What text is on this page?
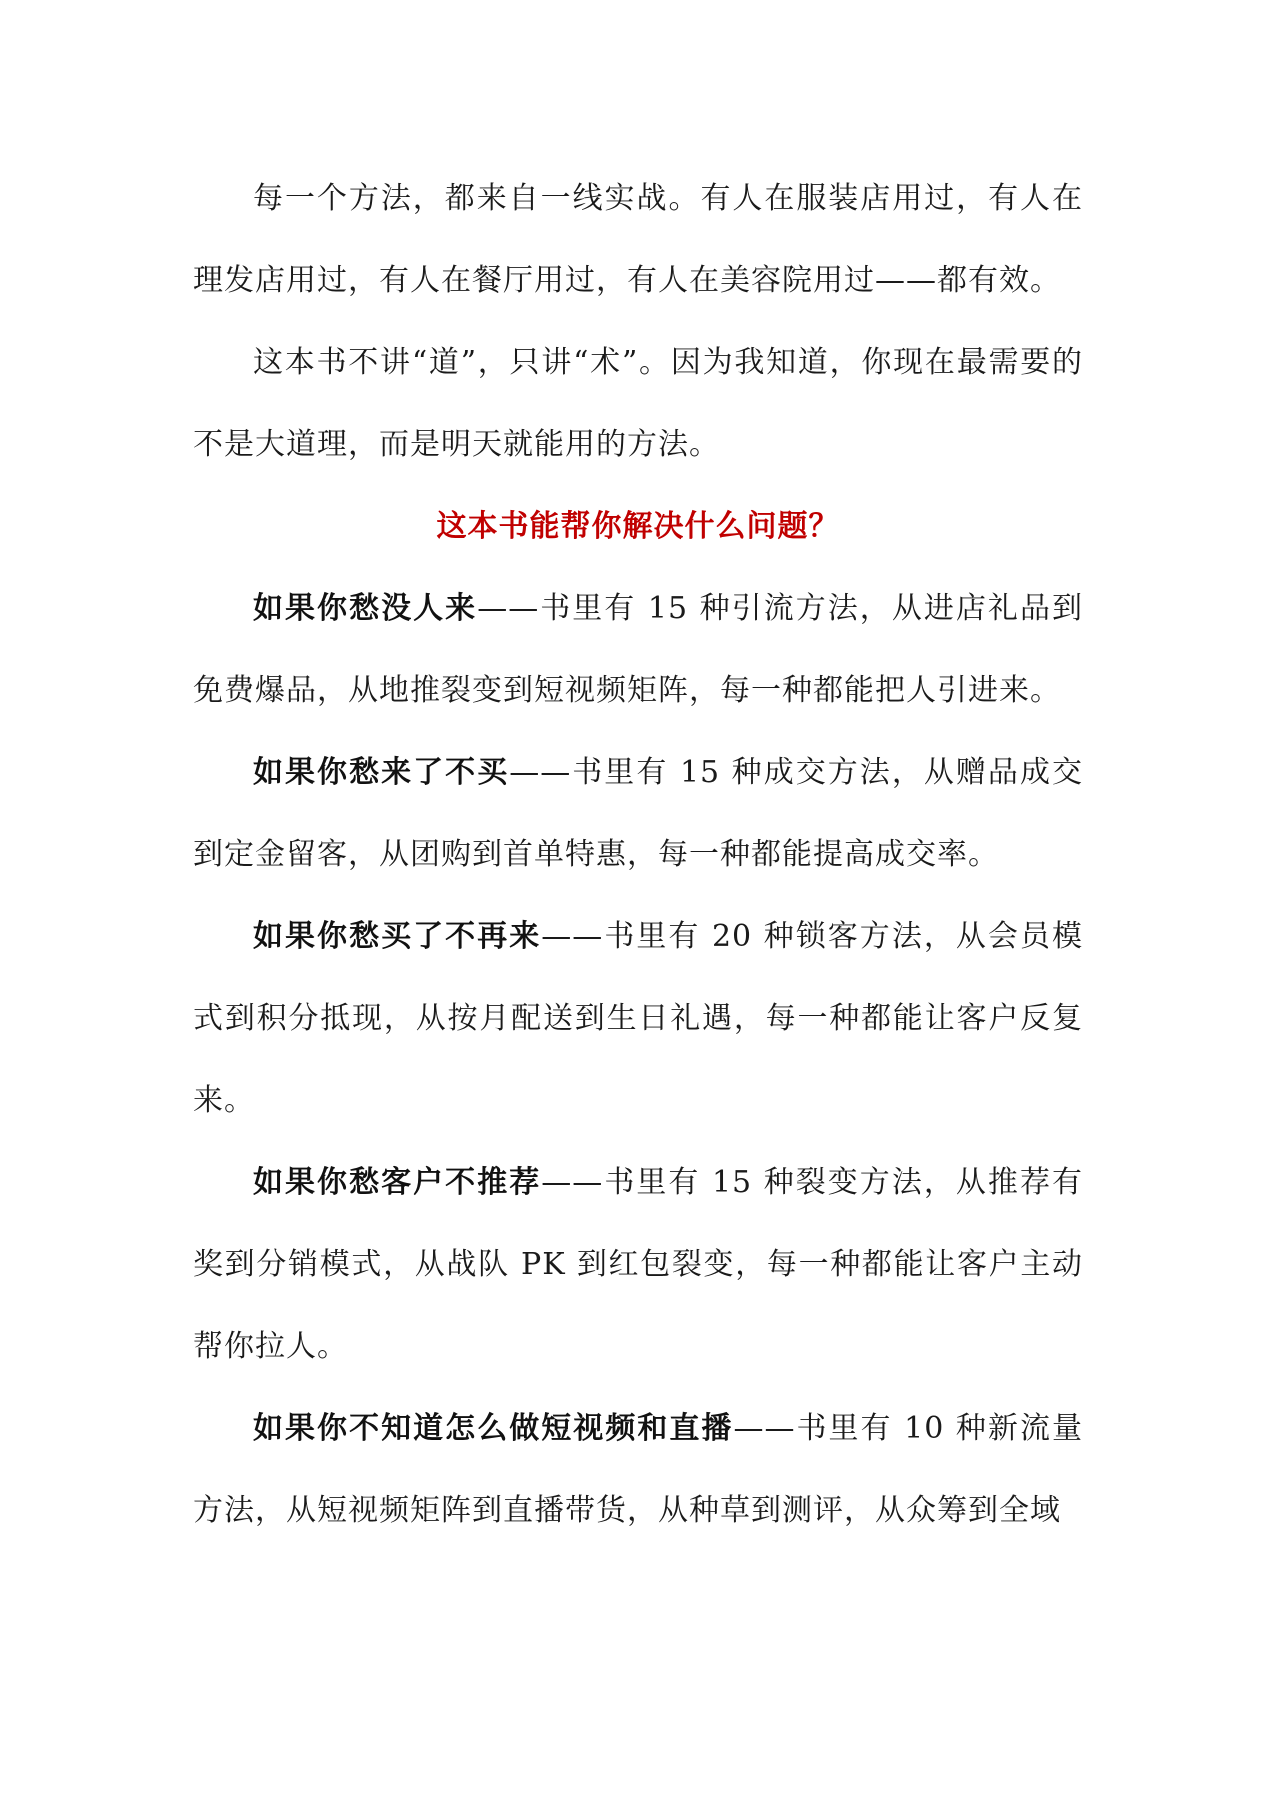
每一个方法，都来自一线实战。有人在服装店用过，有人在理发店用过，有人在餐厅用过，有人在美容院用过——都有效。

这本书不讲“道”，只讲“术”。因为我知道，你现在最需要的不是大道理，而是明天就能用的方法。

这本书能帮你解决什么问题？

如果你愁没人来——书里有 15 种引流方法，从进店礼品到免费爆品，从地推裂变到短视频矩阵，每一种都能把人引进来。

如果你愁来了不买——书里有 15 种成交方法，从赠品成交到定金留客，从团购到首单特惠，每一种都能提高成交率。

如果你愁买了不再来——书里有 20 种锁客方法，从会员模式到积分抵现，从按月配送到生日礼遇，每一种都能让客户反复来。

如果你愁客户不推荐——书里有 15 种裂变方法，从推荐有奖到分销模式，从战队 PK 到红包裂变，每一种都能让客户主动帮你拉人。

如果你不知道怎么做短视频和直播——书里有 10 种新流量方法，从短视频矩阵到直播带货，从种草到测评，从众筹到全域
